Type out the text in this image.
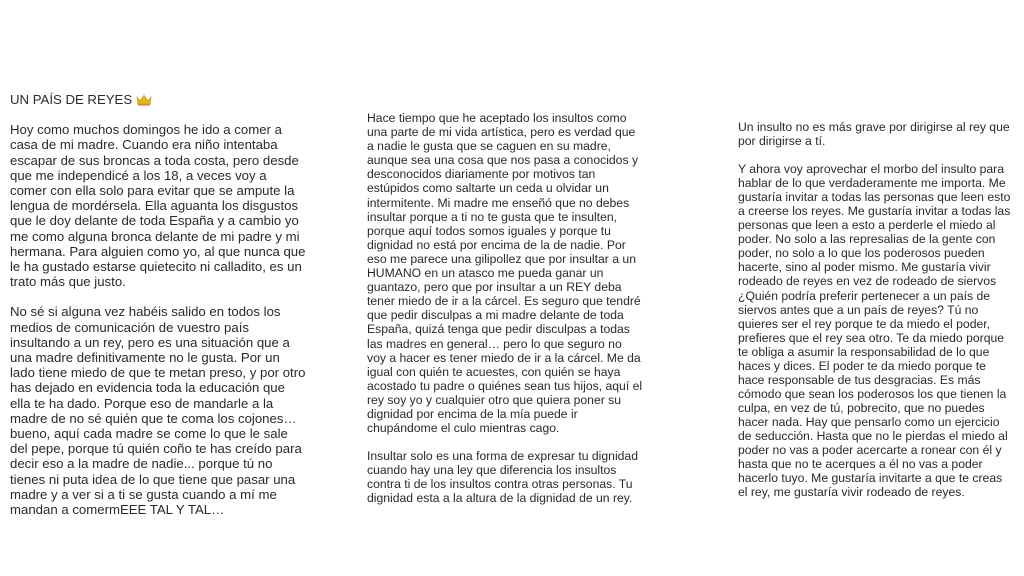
UN PAÍS DE REYES

Hoy como muchos domingos he ido a comer a casa de mi madre. Cuando era niño intentaba escapar de sus broncas a toda costa, pero desde que me independicé a los 18, a veces voy a comer con ella solo para evitar que se ampute la lengua de mordérsela. Ella aguanta los disgustos que le doy delante de toda España y a cambio yo me como alguna bronca delante de mi padre y mi hermana. Para alguien como yo, al que nunca que le ha gustado estarse quietecito ni calladito, es un trato más que justo.

No sé si alguna vez habéis salido en todos los medios de comunicación de vuestro país insultando a un rey, pero es una situación que a una madre definitivamente no le gusta. Por un lado tiene miedo de que te metan preso, y por otro has dejado en evidencia toda la educación que ella te ha dado. Porque eso de mandarle a la madre de no sé quién que te coma los cojones… bueno, aquí cada madre se come lo que le sale del pepe, porque tú quién coño te has creído para decir eso a la madre de nadie... porque tú no tienes ni puta idea de lo que tiene que pasar una madre y a ver si a ti se gusta cuando a mí me mandan a comermEEE TAL Y TAL…

Hace tiempo que he aceptado los insultos como una parte de mi vida artística, pero es verdad que a nadie le gusta que se caguen en su madre, aunque sea una cosa que nos pasa a conocidos y desconocidos diariamente por motivos tan estúpidos como saltarte un ceda u olvidar un intermitente. Mi madre me enseñó que no debes insultar porque a ti no te gusta que te insulten, porque aquí todos somos iguales y porque tu dignidad no está por encima de la de nadie. Por eso me parece una gilipollez que por insultar a un HUMANO en un atasco me pueda ganar un guantazo, pero que por insultar a un REY deba tener miedo de ir a la cárcel. Es seguro que tendré que pedir disculpas a mi madre delante de toda España, quizá tenga que pedir disculpas a todas las madres en general… pero lo que seguro no voy a hacer es tener miedo de ir a la cárcel. Me da igual con quién te acuestes, con quién se haya acostado tu padre o quiénes sean tus hijos, aquí el rey soy yo y cualquier otro que quiera poner su dignidad por encima de la mía puede ir chupándome el culo mientras cago.

Insultar solo es una forma de expresar tu dignidad cuando hay una ley que diferencia los insultos contra ti de los insultos contra otras personas. Tu dignidad esta a la altura de la dignidad de un rey.

Un insulto no es más grave por dirigirse al rey que por dirigirse a tí.

Y ahora voy aprovechar el morbo del insulto para hablar de lo que verdaderamente me importa. Me gustaría invitar a todas las personas que leen esto a creerse los reyes. Me gustaría invitar a todas las personas que leen a esto a perderle el miedo al poder. No solo a las represalias de la gente con poder, no solo a lo que los poderosos pueden hacerte, sino al poder mismo. Me gustaría vivir rodeado de reyes en vez de rodeado de siervos ¿Quién podría preferir pertenecer a un país de siervos antes que a un país de reyes? Tú no quieres ser el rey porque te da miedo el poder, prefieres que el rey sea otro. Te da miedo porque te obliga a asumir la responsabilidad de lo que haces y dices. El poder te da miedo porque te hace responsable de tus desgracias. Es más cómodo que sean los poderosos los que tienen la culpa, en vez de tú, pobrecito, que no puedes hacer nada. Hay que pensarlo como un ejercicio de seducción. Hasta que no le pierdas el miedo al poder no vas a poder acercarte a ronear con él y hasta que no te acerques a él no vas a poder hacerlo tuyo. Me gustaría invitarte a que te creas el rey, me gustaría vivir rodeado de reyes.
